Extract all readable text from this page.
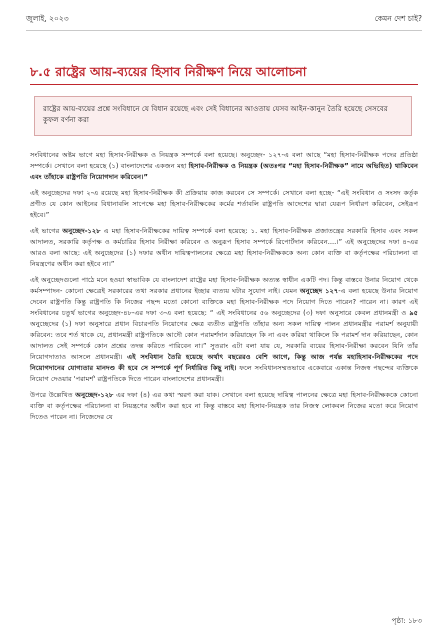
জুলাই, ২০২৩	কেমন দেশ চাই?
৮.৫ রাষ্ট্রের আয়-ব্যয়ের হিসাব নিরীক্ষণ নিয়ে আলোচনা
রাষ্ট্রের আয়-ব্যয়ের প্রশ্নে সংবিধানে যে বিধান রয়েছে এবং সেই বিধানের আওতায় যেসব আইন-কানুন তৈরি হয়েছে সেসবের কুফল বর্ণনা করা

সংবিধানের অষ্টম ভাগে মহা হিসাব-নিরীক্ষক ও নিয়ন্ত্রক সম্পর্কে বলা হয়েছে। অনুচ্ছেদ- ১২৭-এ বলা আছে “মহা হিসাব-নিরীক্ষক পদের প্রতিষ্ঠা সম্পর্কে। সেখানে বলা হয়েছে (১) বাংলাদেশের একজন মহা হিসাব-নিরীক্ষক ও নিয়ন্ত্রক (অতঃপর “মহা হিসাব-নিরীক্ষক” নামে অভিহিত) থাকিবেন এবং তাঁহাকে রাষ্ট্রপতি নিয়োগদান করিবেন।”

এই অনুচ্ছেদের দফা ২-এ রয়েছে মহা হিসাব-নিরীক্ষক কী প্রক্রিয়ায় কাজ করবেন সে সম্পর্কে। সেখানে বলা হচ্ছে- “এই সংবিধান ও সংসদ কর্তৃক প্রণীত যে কোন আইনের বিধানাবলি সাপেক্ষে মহা হিসাব-নিরীক্ষকের কর্মের শর্তাবলি রাষ্ট্রপতি আদেশের দ্বারা যেরূপ নির্ধারণ করিবেন, সেইরূপ হইবে।”

এই ভাগের অনুচ্ছেদ-১২৮ এ মহা হিসাব-নিরীক্ষকের দায়িত্ব সম্পর্কে বলা হয়েছে: ১. মহা হিসাব-নিরীক্ষক প্রজাতন্ত্রের সরকারি হিসাব এবং সকল আদালত, সরকারি কর্তৃপক্ষ ও কর্মচারির হিসাব নিরীক্ষা করিবেন ও অনুরূপ হিসাব সম্পর্কে রিপোর্টদান করিবেন....।” এই অনুচ্ছেদের দফা ৪-এর আরও বলা আছে: এই অনুচ্ছেদের (১) দফার অধীন দায়িত্বপালনের ক্ষেত্রে মহা হিসাব-নিরীক্ষককে অন্য কোন ব্যক্তি বা কর্তৃপক্ষের পরিচালনা বা নিয়ন্ত্রণের অধীন করা হইবে না।”

এই অনুচ্ছেদগুলো পাঠে মনে হওয়া স্বাভাবিক যে বাংলাদেশ রাষ্ট্রের মহা হিসাব-নিরীক্ষক অত্যন্ত স্বাধীন একটি পদ। কিন্তু বাস্তবে উনার নিয়োগ থেকে কর্মসম্পাদন- কোনো ক্ষেত্রেই সরকারের তথা সরকার প্রধানের ইচ্ছার ব্যত্যয় ঘটার সুযোগ নাই। যেমন অনুচ্ছেদ ১২৭-এ বলা হয়েছে উনার নিয়োগ দেবেন রাষ্ট্রপতি কিন্তু রাষ্ট্রপতি কি নিজের পছন্দ মতো কোনো ব্যক্তিকে মহা হিসাব-নিরীক্ষক পদে নিয়োগ দিতে পারেন? পারেন না। কারণ এই সংবিধানের চতুর্থ ভাগের অনুচ্ছেদ-৪৮-এর দফা ৩-এ বলা হয়েছে: “ এই সংবিধানের ৫৬ অনুচ্ছেদের (৩) দফা অনুসারে কেবল প্রধানমন্ত্রী ও ৯৫ অনুচ্ছেদের (১) দফা অনুসারে প্রধান বিচারপতি নিয়োগের ক্ষেত্র ব্যতীত রাষ্ট্রপতি তাঁহার অন্য সকল দায়িত্ব পালন প্রধানমন্ত্রীর পরামর্শ অনুযায়ী করিবেন: তবে শর্ত থাকে যে, প্রধানমন্ত্রী রাষ্ট্রপতিকে আদৌ কোন পরামর্শদান করিয়াছেন কি না এবং করিয়া থাকিলে কি পরামর্শ দান করিয়াছেন, কোন আদালত সেই সম্পর্কে কোন প্রশ্নের তদন্ত করিতে পারিবেন না।” সুতরাং এটা বলা যায় যে, সরকারি ব্যয়ের হিসাব-নিরীক্ষা করবেন যিনি তাঁর নিয়োগদাতাও আসলে প্রধানমন্ত্রী। এই সংবিধান তৈরি হয়েছে অর্থাৎ বছরেরও বেশি আগে, কিন্তু আজ পর্যন্ত মহাহিসাব-নিরীক্ষকের পদে নিয়োগদানের যোগ্যতার মানদণ্ড কী হবে সে সম্পর্কে পূর্ণ নির্ধারিত কিছু নাই। ফলে সংবিধানসম্মতভাবে একেবারে একান্ত নিজস্ব পছন্দের ব্যক্তিকে নিয়োগ দেওয়ার 'পরামর্শ' রাষ্ট্রপতিকে দিতে পারেন বাংলাদেশের প্রধানমন্ত্রী।

উপরে উল্লেখিত অনুচ্ছেদ-১২৮ এর দফা (৪) এর কথা স্মরণ করা যাক। সেখানে বলা হয়েছে দায়িত্ব পালনের ক্ষেত্রে মহা হিসাব-নিরীক্ষককে কোনো ব্যক্তি বা কর্তৃপক্ষের পরিচালনা বা নিয়ন্ত্রণের অধীন করা হবে না কিন্তু বাস্তবে মহা হিসাব-নিয়ন্ত্রক তার নিজস্ব লোকবল নিজের মতো করে নিয়োগ দিতেও পারেন না। নিজেদের যে

পৃষ্ঠা: ১৮৩
